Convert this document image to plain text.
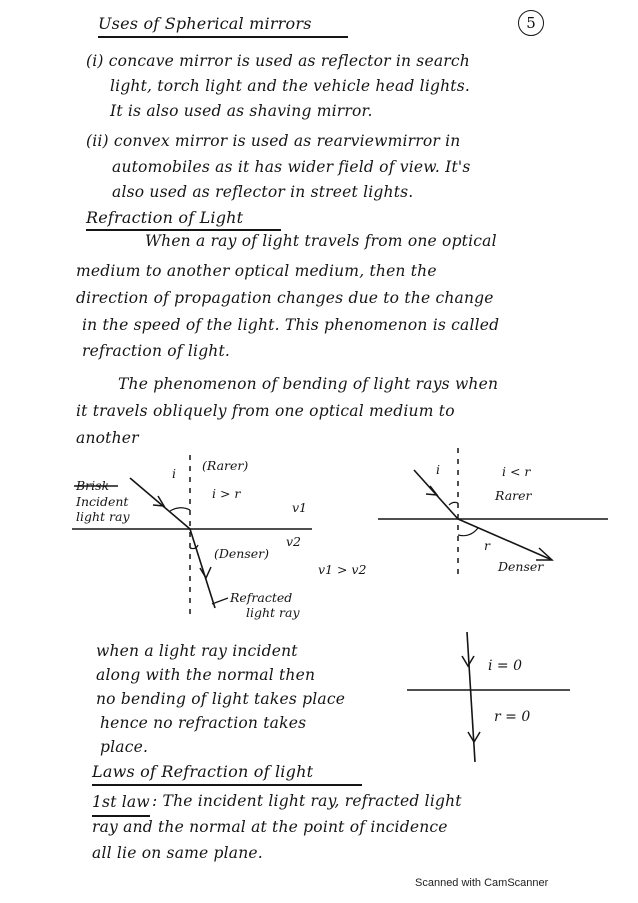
Uses of Spherical mirrors	5
(i) concave mirror is used as reflector in search
light, torch light and the vehicle head lights.
It is also used as shaving mirror.
(ii) convex mirror is used as rearviewmirror in
automobiles as it has wider field of view. It's
also used as reflector in street lights.
Refraction of Light
When a ray of light travels from one optical
medium to another optical medium, then the
direction of propagation changes due to the change
in the speed of the light. This phenomenon is called
refraction of light.
The phenomenon of bending of light rays when
it travels obliquely from one optical medium to
another
i
(Rarer)
i > r
v1
Brisk
Incident
light ray
(Denser)
v2
v1 > v2
Refracted
light ray
i	i < r
Rarer
r
Denser
when a light ray incident
along with the normal then
no bending of light takes place
hence no refraction takes
place.
i = 0
r = 0
Laws of Refraction of light
1st law : The incident light ray, refracted light
ray and the normal at the point of incidence
all lie on same plane.
Scanned with CamScanner
